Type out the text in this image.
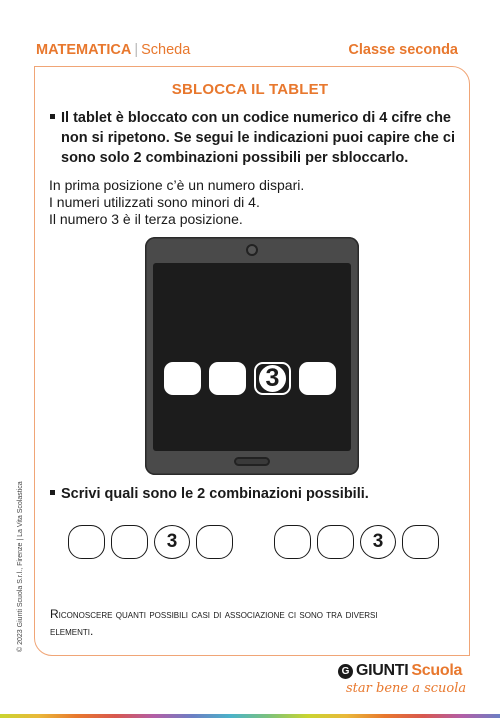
MATEMATICA | Scheda	Classe seconda
SBLOCCA IL TABLET
Il tablet è bloccato con un codice numerico di 4 cifre che
non si ripetono. Se segui le indicazioni puoi capire che ci
sono solo 2 combinazioni possibili per sbloccarlo.
In prima posizione c’è un numero dispari.
I numeri utilizzati sono minori di 4.
Il numero 3 è il terza posizione.
3
Scrivi quali sono le 2 combinazioni possibili.
3	3
Riconoscere quanti possibili casi di associazione ci sono tra diversi
elementi.
© 2023 Giunti Scuola S.r.l., Firenze | La Vita Scolastica
G GIUNTI Scuola
star bene a scuola
